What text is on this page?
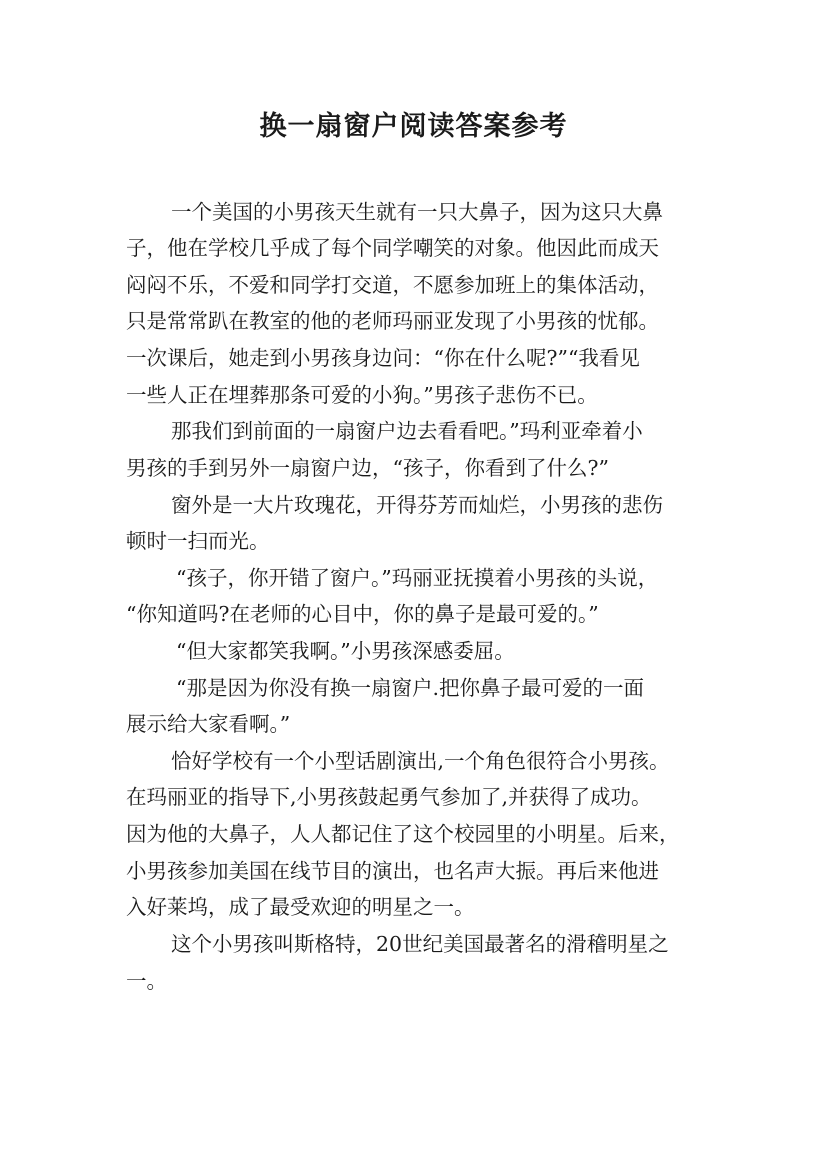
换一扇窗户阅读答案参考

一个美国的小男孩天生就有一只大鼻子，因为这只大鼻

子，他在学校几乎成了每个同学嘲笑的对象。他因此而成天

闷闷不乐，不爱和同学打交道，不愿参加班上的集体活动，

只是常常趴在教室的他的老师玛丽亚发现了小男孩的忧郁。

一次课后，她走到小男孩身边问：“你在什么呢?”“我看见

一些人正在埋葬那条可爱的小狗。”男孩子悲伤不已。

那我们到前面的一扇窗户边去看看吧。”玛利亚牵着小

男孩的手到另外一扇窗户边，“孩子，你看到了什么?”

窗外是一大片玫瑰花，开得芬芳而灿烂，小男孩的悲伤

顿时一扫而光。

“孩子，你开错了窗户。”玛丽亚抚摸着小男孩的头说，

“你知道吗?在老师的心目中，你的鼻子是最可爱的。”

“但大家都笑我啊。”小男孩深感委屈。

“那是因为你没有换一扇窗户.把你鼻子最可爱的一面

展示给大家看啊。”

恰好学校有一个小型话剧演出,一个角色很符合小男孩。

在玛丽亚的指导下,小男孩鼓起勇气参加了,并获得了成功。

因为他的大鼻子，人人都记住了这个校园里的小明星。后来，

小男孩参加美国在线节目的演出，也名声大振。再后来他进

入好莱坞，成了最受欢迎的明星之一。

这个小男孩叫斯格特，20世纪美国最著名的滑稽明星之

一。
